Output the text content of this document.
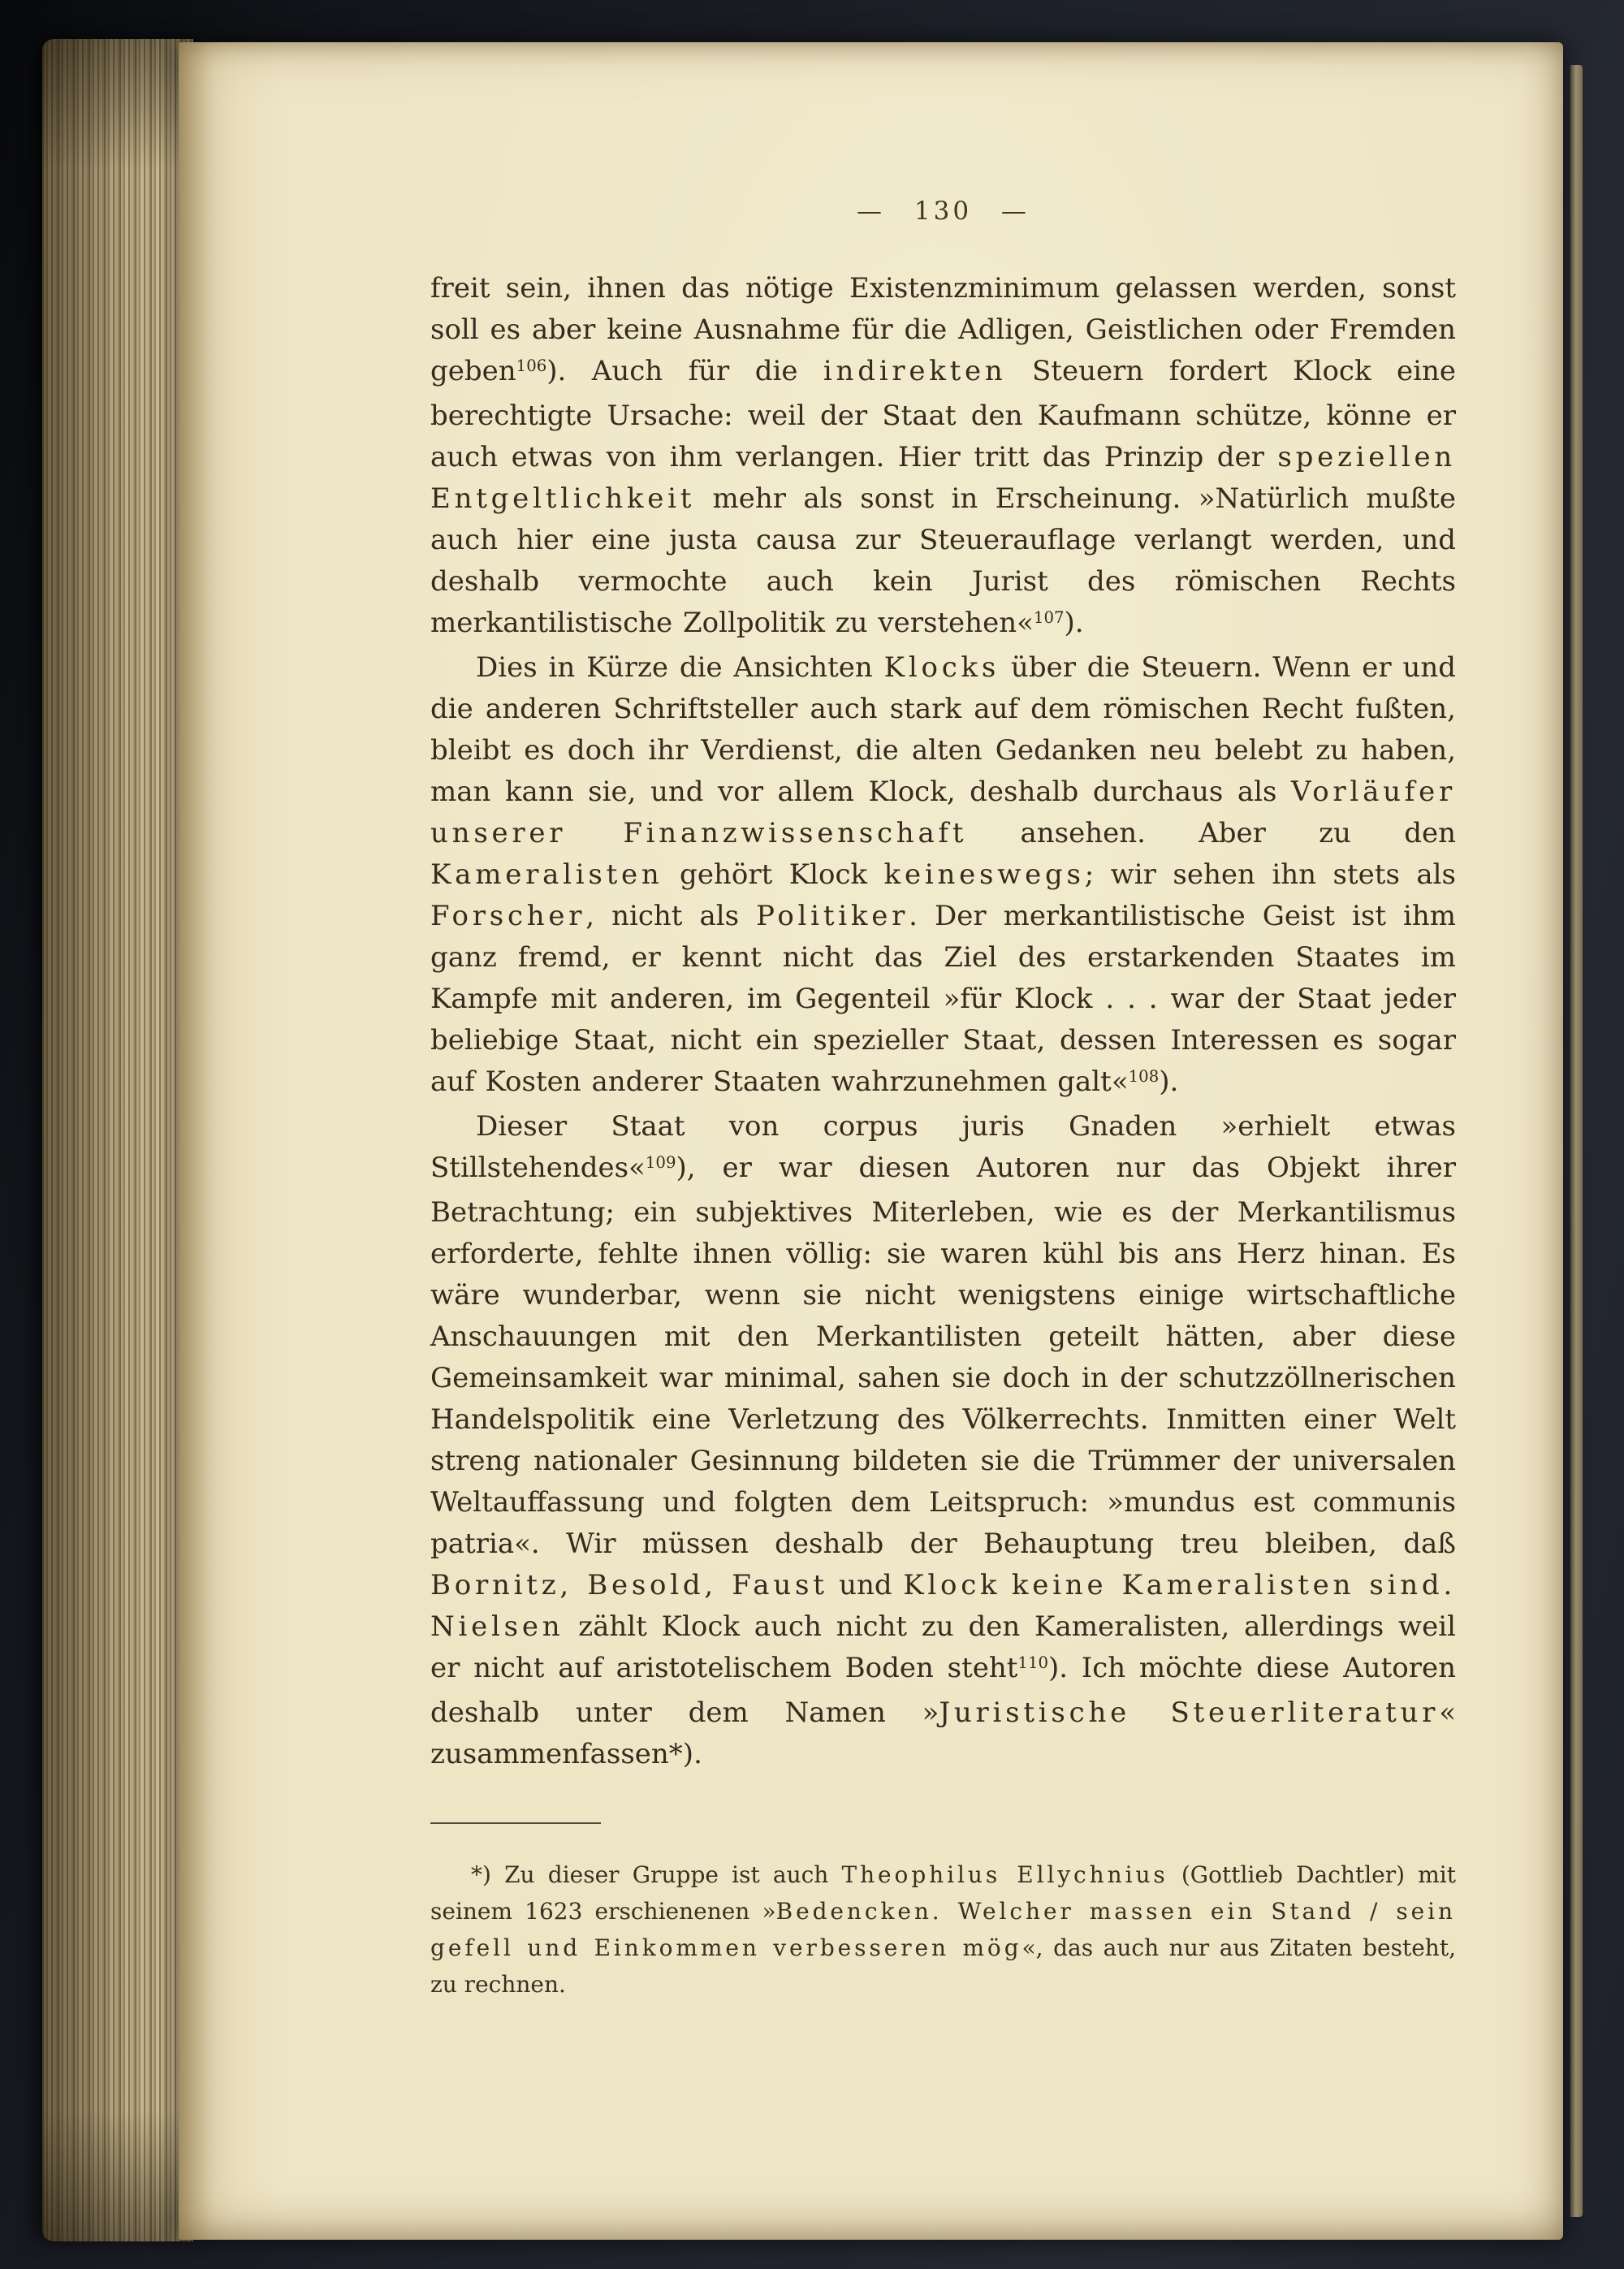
— 130 —

freit sein, ihnen das nötige Existenzminimum gelassen werden, sonst soll es aber keine Ausnahme für die Adligen, Geistlichen oder Fremden geben$^{106}$). Auch für die indirekten Steuern fordert Klock eine berechtigte Ursache: weil der Staat den Kaufmann schütze, könne er auch etwas von ihm verlangen. Hier tritt das Prinzip der speziellen Entgeltlichkeit mehr als sonst in Erscheinung. »Natürlich mußte auch hier eine justa causa zur Steuerauflage verlangt werden, und deshalb vermochte auch kein Jurist des römischen Rechts merkantilistische Zollpolitik zu verstehen«$^{107}$).

Dies in Kürze die Ansichten Klocks über die Steuern. Wenn er und die anderen Schriftsteller auch stark auf dem römischen Recht fußten, bleibt es doch ihr Verdienst, die alten Gedanken neu belebt zu haben, man kann sie, und vor allem Klock, deshalb durchaus als Vorläufer unserer Finanzwissenschaft ansehen. Aber zu den Kameralisten gehört Klock keineswegs; wir sehen ihn stets als Forscher, nicht als Politiker. Der merkantilistische Geist ist ihm ganz fremd, er kennt nicht das Ziel des erstarkenden Staates im Kampfe mit anderen, im Gegenteil »für Klock . . . war der Staat jeder beliebige Staat, nicht ein spezieller Staat, dessen Interessen es sogar auf Kosten anderer Staaten wahrzunehmen galt«$^{108}$).

Dieser Staat von corpus juris Gnaden »erhielt etwas Stillstehendes«$^{109}$), er war diesen Autoren nur das Objekt ihrer Betrachtung; ein subjektives Miterleben, wie es der Merkantilismus erforderte, fehlte ihnen völlig: sie waren kühl bis ans Herz hinan. Es wäre wunderbar, wenn sie nicht wenigstens einige wirtschaftliche Anschauungen mit den Merkantilisten geteilt hätten, aber diese Gemeinsamkeit war minimal, sahen sie doch in der schutzzöllnerischen Handelspolitik eine Verletzung des Völkerrechts. Inmitten einer Welt streng nationaler Gesinnung bildeten sie die Trümmer der universalen Weltauffassung und folgten dem Leitspruch: »mundus est communis patria«. Wir müssen deshalb der Behauptung treu bleiben, daß Bornitz, Besold, Faust und Klock keine Kameralisten sind. Nielsen zählt Klock auch nicht zu den Kameralisten, allerdings weil er nicht auf aristotelischem Boden steht$^{110}$). Ich möchte diese Autoren deshalb unter dem Namen »Juristische Steuerliteratur« zusammenfassen*).

*) Zu dieser Gruppe ist auch Theophilus Ellychnius (Gottlieb Dachtler) mit seinem 1623 erschienenen »Bedencken. Welcher massen ein Stand / sein gefell und Einkommen verbesseren mög«, das auch nur aus Zitaten besteht, zu rechnen.
